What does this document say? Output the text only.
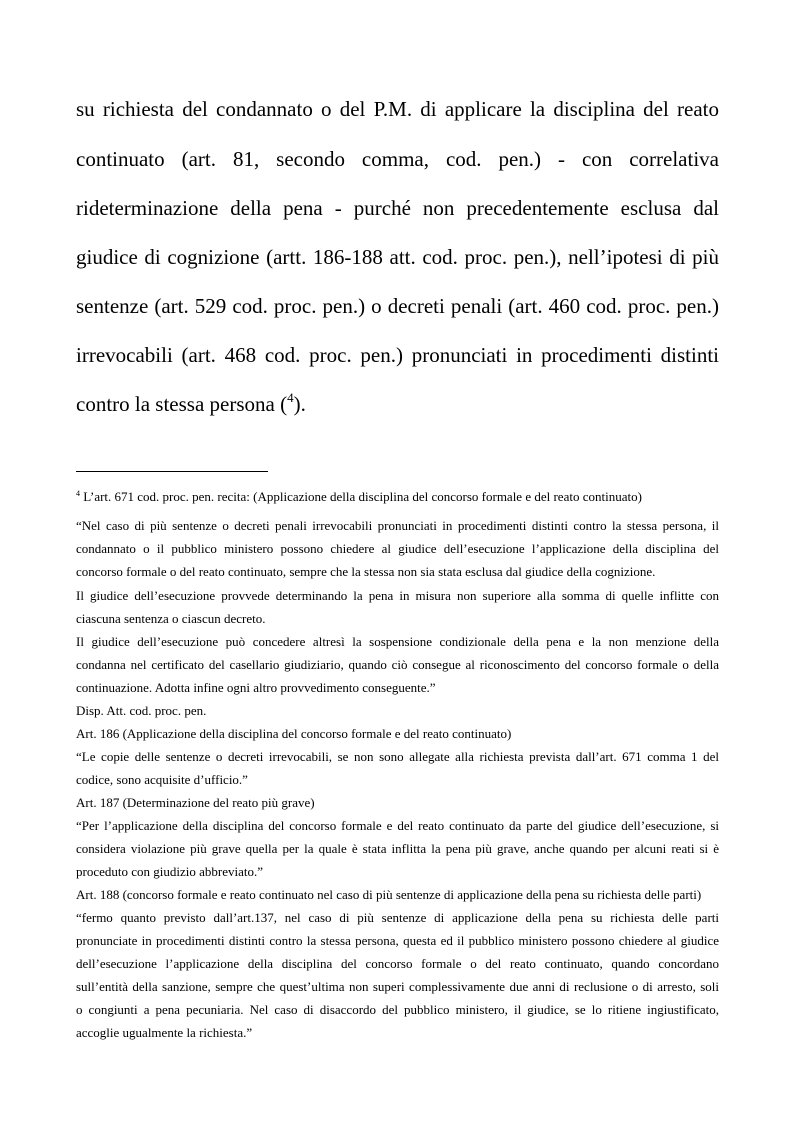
su richiesta del condannato o del P.M. di applicare la disciplina del reato
continuato (art. 81, secondo comma, cod. pen.) - con correlativa
rideterminazione della pena - purché non precedentemente esclusa dal
giudice di cognizione (artt. 186-188 att. cod. proc. pen.), nell’ipotesi di più
sentenze (art. 529 cod. proc. pen.) o decreti penali (art. 460 cod. proc. pen.)
irrevocabili (art. 468 cod. proc. pen.) pronunciati in procedimenti distinti
contro la stessa persona ($^4$).
$^4$ L’art. 671 cod. proc. pen. recita: (Applicazione della disciplina del concorso formale e del reato continuato)
“Nel caso di più sentenze o decreti penali irrevocabili pronunciati in procedimenti distinti contro la stessa persona, il
condannato o il pubblico ministero possono chiedere al giudice dell’esecuzione l’applicazione della disciplina del
concorso formale o del reato continuato, sempre che la stessa non sia stata esclusa dal giudice della cognizione.
Il giudice dell’esecuzione provvede determinando la pena in misura non superiore alla somma di quelle inflitte con
ciascuna sentenza o ciascun decreto.
Il giudice dell’esecuzione può concedere altresì la sospensione condizionale della pena e la non menzione della
condanna nel certificato del casellario giudiziario, quando ciò consegue al riconoscimento del concorso formale o della
continuazione. Adotta infine ogni altro provvedimento conseguente.”
Disp. Att. cod. proc. pen.
Art. 186 (Applicazione della disciplina del concorso formale e del reato continuato)
“Le copie delle sentenze o decreti irrevocabili, se non sono allegate alla richiesta prevista dall’art. 671 comma 1 del
codice, sono acquisite d’ufficio.”
Art. 187 (Determinazione del reato più grave)
“Per l’applicazione della disciplina del concorso formale e del reato continuato da parte del giudice dell’esecuzione, si
considera violazione più grave quella per la quale è stata inflitta la pena più grave, anche quando per alcuni reati si è
proceduto con giudizio abbreviato.”
Art. 188 (concorso formale e reato continuato nel caso di più sentenze di applicazione della pena su richiesta delle parti)
“fermo quanto previsto dall’art.137, nel caso di più sentenze di applicazione della pena su richiesta delle parti
pronunciate in procedimenti distinti contro la stessa persona, questa ed il pubblico ministero possono chiedere al giudice
dell’esecuzione l’applicazione della disciplina del concorso formale o del reato continuato, quando concordano
sull’entità della sanzione, sempre che quest’ultima non superi complessivamente due anni di reclusione o di arresto, soli
o congiunti a pena pecuniaria. Nel caso di disaccordo del pubblico ministero, il giudice, se lo ritiene ingiustificato,
accoglie ugualmente la richiesta.”
